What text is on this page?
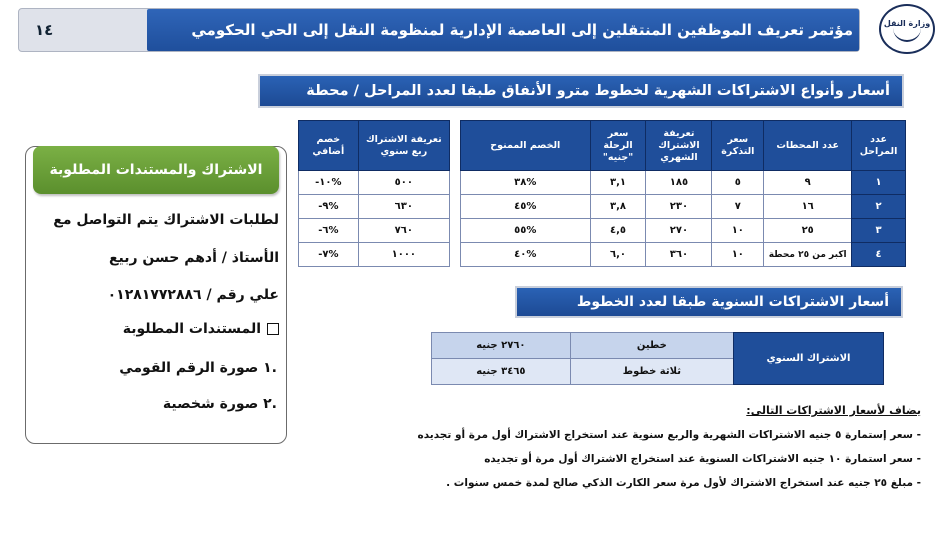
١٤	مؤتمر تعريف الموظفين المنتقلين إلى العاصمة الإدارية لمنظومة النقل إلى الحي الحكومي	وزارة النقل
أسعار وأنواع الاشتراكات الشهرية لخطوط مترو الأنفاق طبقا لعدد المراحل / محطة
عدد المراحل	عدد المحطات	سعر التذكرة	تعريفة الاشتراك الشهري	سعر الرحلة "جنيه"	الخصم الممنوح
١	٩	٥	١٨٥	٣,١	%٣٨
٢	١٦	٧	٢٣٠	٣,٨	%٤٥
٣	٢٥	١٠	٢٧٠	٤,٥	%٥٥
٤	اكبر من ٢٥ محطة	١٠	٣٦٠	٦,٠	%٤٠
تعريفة الاشتراك ربع سنوي	خصم أضافي
٥٠٠	%١٠-
٦٣٠	%٩-
٧٦٠	%٦-
١٠٠٠	%٧-
الاشتراك والمستندات المطلوبة
لطلبات الاشتراك يتم التواصل مع
الأستاذ / أدهم حسن ربيع
علي رقم / ٠١٢٨١٧٧٢٨٨٦
المستندات المطلوبة
.١ صورة الرقم القومي
.٢ صورة شخصية
أسعار الاشتراكات السنوية طبقا لعدد الخطوط
الاشتراك السنوي	خطين	٢٧٦٠ جنيه
	ثلاثة خطوط	٣٤٦٥ جنيه
يضاف لأسعار الاشتراكات التالى:
- سعر إستمارة ٥ جنيه الاشتراكات الشهرية والربع سنوية عند استخراج الاشتراك أول مرة أو تجديده
- سعر استمارة ١٠ جنيه الاشتراكات السنوية عند استخراج الاشتراك أول مرة أو تجديده
- مبلغ ٢٥ جنيه عند استخراج الاشتراك لأول مرة سعر الكارت الذكي صالح لمدة خمس سنوات .
